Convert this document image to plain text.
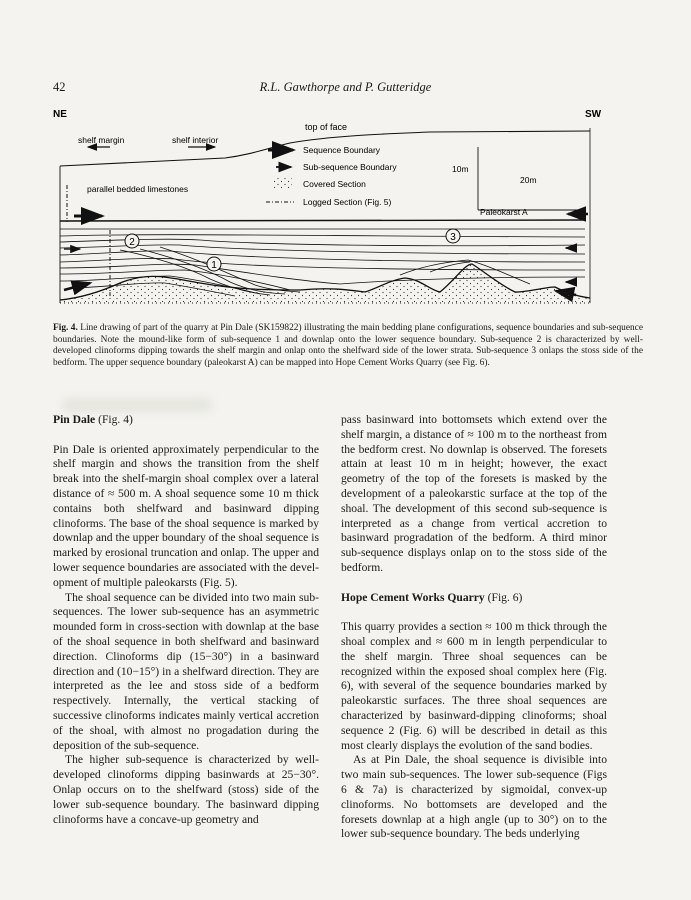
42	R.L. Gawthorpe and P. Gutteridge
NE	SW
top of face
shelf margin	shelf interior
Sequence Boundary
Sub-sequence Boundary
Covered Section
Logged Section (Fig. 5)
10m
20m
parallel bedded limestones
Paleokarst A
2
1
3
Fig. 4. Line drawing of part of the quarry at Pin Dale (SK159822) illustrating the main bedding plane configurations, sequence boundaries and sub-sequence boundaries. Note the mound-like form of sub-sequence 1 and downlap onto the lower sequence boundary. Sub-sequence 2 is characterized by well-developed clinoforms dipping towards the shelf margin and onlap onto the shelfward side of the lower strata. Sub-sequence 3 onlaps the stoss side of the bedform. The upper sequence boundary (paleokarst A) can be mapped into Hope Cement Works Quarry (see Fig. 6).
Pin Dale (Fig. 4)

Pin Dale is oriented approximately perpendicular to the shelf margin and shows the transition from the shelf break into the shelf-margin shoal complex over a lateral distance of ≈ 500 m. A shoal sequence some 10 m thick contains both shelfward and basinward dipping clinoforms. The base of the shoal sequence is marked by downlap and the upper boundary of the shoal sequence is marked by erosional truncation and onlap. The upper and lower sequence boundaries are associated with the development of multiple paleokarsts (Fig. 5).

The shoal sequence can be divided into two main sub-sequences. The lower sub-sequence has an asymmetric mounded form in cross-section with downlap at the base of the shoal sequence in both shelfward and basinward direction. Clinoforms dip (15−30°) in a basinward direction and (10−15°) in a shelfward direction. They are interpreted as the lee and stoss side of a bedform respectively. Internally, the vertical stacking of successive clinoforms indicates mainly vertical accretion of the shoal, with almost no progadation during the deposition of the sub-sequence.

The higher sub-sequence is characterized by well-developed clinoforms dipping basinwards at 25−30°. Onlap occurs on to the shelfward (stoss) side of the lower sub-sequence boundary. The basinward dipping clinoforms have a concave-up geometry and

pass basinward into bottomsets which extend over the shelf margin, a distance of ≈ 100 m to the northeast from the bedform crest. No downlap is observed. The foresets attain at least 10 m in height; however, the exact geometry of the top of the foresets is masked by the development of a paleokarstic surface at the top of the shoal. The development of this second sub-sequence is interpreted as a change from vertical accretion to basinward progradation of the bedform. A third minor sub-sequence displays onlap on to the stoss side of the bedform.

Hope Cement Works Quarry (Fig. 6)

This quarry provides a section ≈ 100 m thick through the shoal complex and ≈ 600 m in length perpendicular to the shelf margin. Three shoal sequences can be recognized within the exposed shoal complex here (Fig. 6), with several of the sequence boundaries marked by paleokarstic surfaces. The three shoal sequences are characterized by basinward-dipping clinoforms; shoal sequence 2 (Fig. 6) will be described in detail as this most clearly displays the evolution of the sand bodies.

As at Pin Dale, the shoal sequence is divisible into two main sub-sequences. The lower sub-sequence (Figs 6 & 7a) is characterized by sigmoidal, convex-up clinoforms. No bottomsets are developed and the foresets downlap at a high angle (up to 30°) on to the lower sub-sequence boundary. The beds underlying
